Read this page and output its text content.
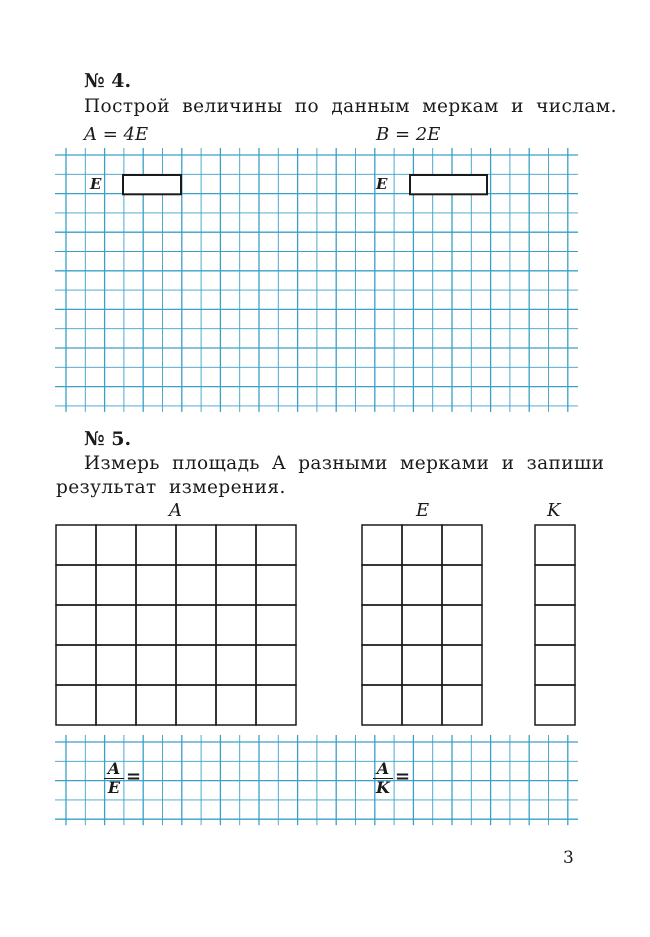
№ 4.
Построй величины по данным меркам и числам.
A = 4E	B = 2E
E	E
№ 5.
Измерь площадь A разными мерками и запиши
результат измерения.
A	E	K
$\frac{A}{E}$ =	$\frac{A}{K}$ =
3
